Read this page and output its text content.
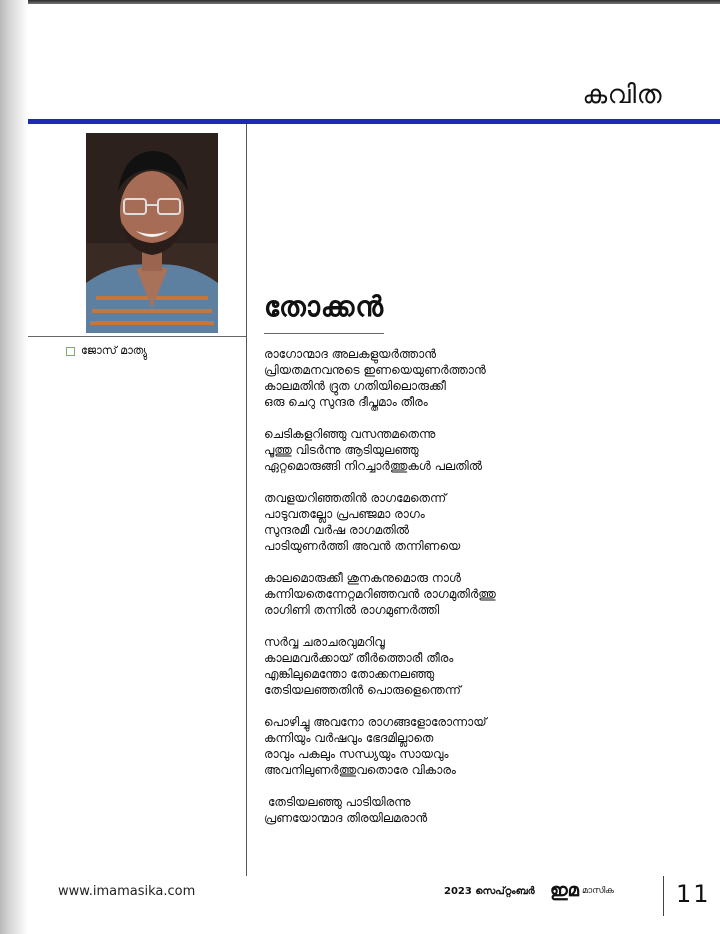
കവിത
ജോസ് മാത്യു
തോക്കൻ
രാഗോന്മാദ അലകളുയർത്താൻ
പ്രിയതമനവനുടെ ഇണയെയുണർത്താൻ
കാലമതിൻ ദ്രുത ഗതിയിലൊരുക്കീ
ഒരു ചെറു സുന്ദര ദീപ്തമാം തീരം
ചെടികളറിഞ്ഞു വസന്തമതെന്നു
പൂത്തു വിടർന്നു ആടിയുലഞ്ഞു
ഏറ്റമൊരുങ്ങി നിറച്ചാർത്തുകൾ പലതിൽ
തവളയറിഞ്ഞതിൻ രാഗമേതെന്ന്
പാടുവതല്ലോ പ്രപഞ്ജമാ രാഗം
സുന്ദരമീ വർഷ രാഗമതിൽ
പാടിയുണർത്തി അവൻ തന്നിണയെ
കാലമൊരുക്കീ ശുനകനുമൊരു നാൾ
കന്നിയതെന്നേറ്റമറിഞ്ഞവൻ രാഗമുതിർത്തു
രാഗിണി തന്നിൽ രാഗമുണർത്തി
സർവ്വ ചരാചരവുമറിവൂ
കാലമവർക്കായ് തീർത്തൊരീ തീരം
എങ്കിലുമെന്തോ തോക്കനലഞ്ഞു
തേടിയലഞ്ഞതിൻ പൊരുളെന്തെന്ന്
പൊഴിച്ചു അവനോ രാഗങ്ങളോരോന്നായ്
കന്നിയും വർഷവും ഭേദമില്ലാതെ
രാവും പകലും സന്ധ്യയും സായവും
അവനിലുണർത്തുവതൊരേ വികാരം
തേടിയലഞ്ഞു പാടിയിരന്നു
പ്രണയോന്മാദ തിരയിലമരാൻ
www.imamasika.com	2023 സെപ്റ്റംബർ ഇമ മാസിക	11
